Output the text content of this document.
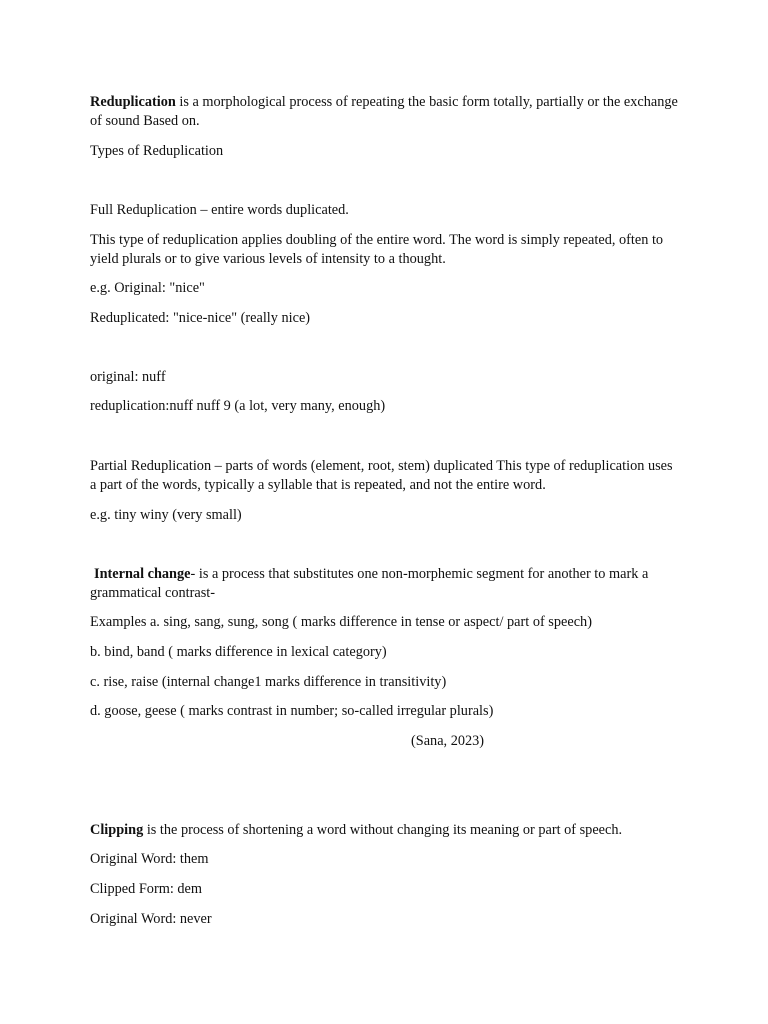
Reduplication is a morphological process of repeating the basic form totally, partially or the exchange of sound Based on.

Types of Reduplication

Full Reduplication – entire words duplicated.

This type of reduplication applies doubling of the entire word. The word is simply repeated, often to yield plurals or to give various levels of intensity to a thought.

e.g. Original: "nice"

Reduplicated: "nice-nice" (really nice)

original: nuff

reduplication:nuff nuff 9 (a lot, very many, enough)

Partial Reduplication – parts of words (element, root, stem) duplicated This type of reduplication uses a part of the words, typically a syllable that is repeated, and not the entire word.

e.g. tiny winy (very small)

Internal change- is a process that substitutes one non-morphemic segment for another to mark a grammatical contrast-

Examples a. sing, sang, sung, song ( marks difference in tense or aspect/ part of speech)

b. bind, band ( marks difference in lexical category)

c. rise, raise (internal change1 marks difference in transitivity)

d. goose, geese ( marks contrast in number; so-called irregular plurals)

(Sana, 2023)

Clipping is the process of shortening a word without changing its meaning or part of speech.

Original Word: them

Clipped Form: dem

Original Word: never
